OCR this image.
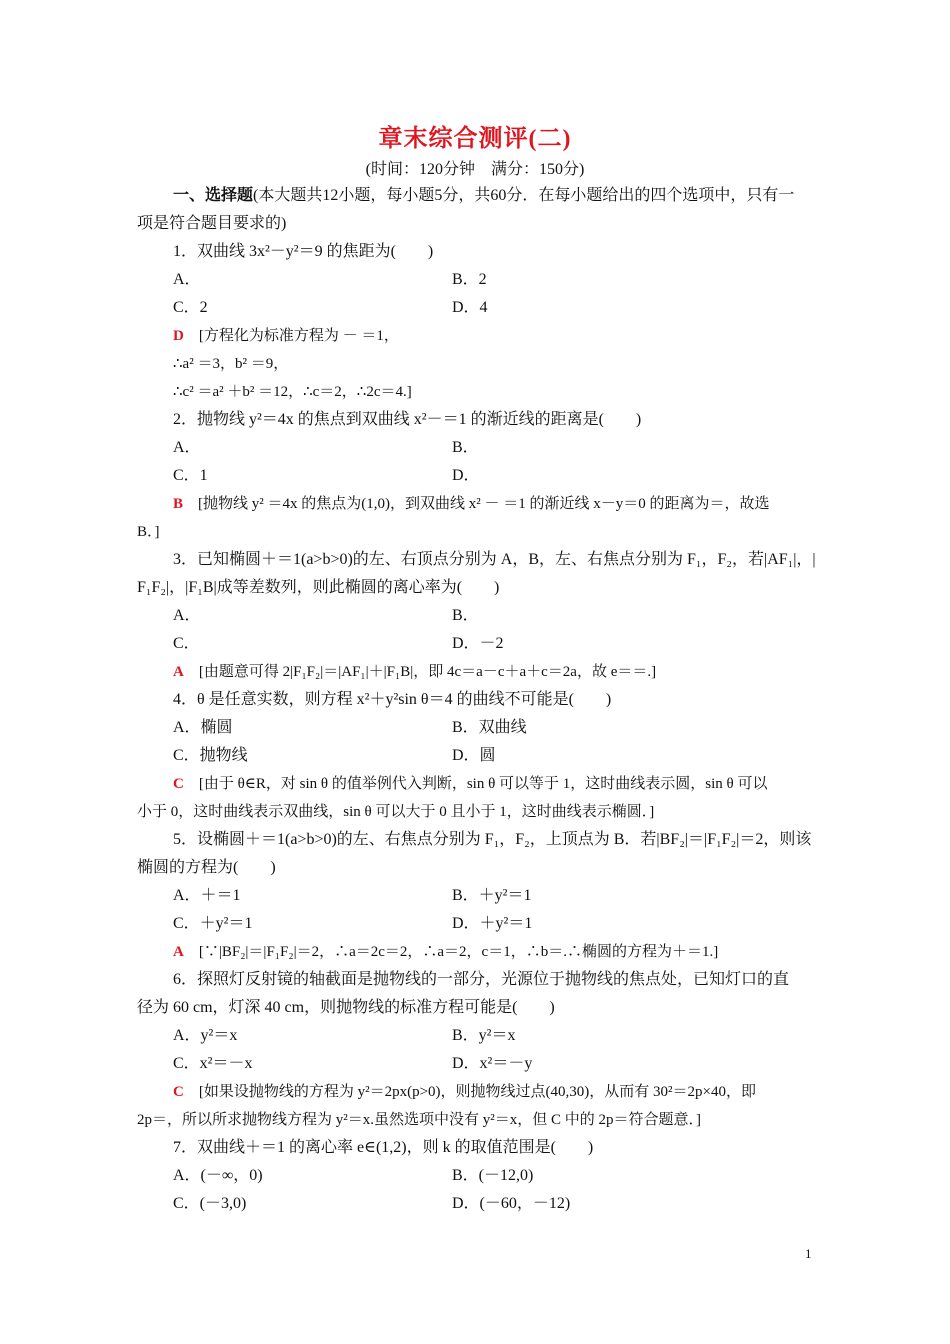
章末综合测评(二)
(时间：120分钟　满分：150分)
一、选择题(本大题共12小题，每小题5分，共60分．在每小题给出的四个选项中，只有一
项是符合题目要求的)
1．双曲线 3x²－y²＝9 的焦距为(　　)
A．	B．2
C．2	D．4
D　 [方程化为标准方程为 － ＝1，
∴a² ＝3，b² ＝9，
∴c² ＝a² ＋b² ＝12，∴c＝2，∴2c＝4.]
2．抛物线 y²＝4x 的焦点到双曲线 x²－＝1 的渐近线的距离是(　　)
A．	B．
C．1	D．
B　 [抛物线 y² ＝4x 的焦点为(1,0)，到双曲线 x² － ＝1 的渐近线 x－y＝0 的距离为＝，故选
B．]
3．已知椭圆＋＝1(a>b>0)的左、右顶点分别为 A，B，左、右焦点分别为 F₁，F₂，若|AF₁|，|
F₁F₂|，|F₁B|成等差数列，则此椭圆的离心率为(　　)
A．	B．
C．	D．－2
A　 [由题意可得 2|F₁F₂|＝|AF₁|＋|F₁B|，即 4c＝a－c＋a＋c＝2a，故 e＝＝.]
4．θ 是任意实数，则方程 x²＋y²sin θ＝4 的曲线不可能是(　　)
A．椭圆	B．双曲线
C．抛物线	D．圆
C　 [由于 θ∈R，对 sin θ 的值举例代入判断，sin θ 可以等于 1，这时曲线表示圆，sin θ 可以
小于 0，这时曲线表示双曲线，sin θ 可以大于 0 且小于 1，这时曲线表示椭圆．]
5．设椭圆＋＝1(a>b>0)的左、右焦点分别为 F₁，F₂，上顶点为 B．若|BF₂|＝|F₁F₂|＝2，则该
椭圆的方程为(　　)
A．＋＝1	B．＋y²＝1
C．＋y²＝1	D．＋y²＝1
A　 [∵|BF₂|＝|F₁F₂|＝2，∴a＝2c＝2，∴a＝2，c＝1，∴b＝.∴椭圆的方程为＋＝1.]
6．探照灯反射镜的轴截面是抛物线的一部分，光源位于抛物线的焦点处，已知灯口的直
径为 60 cm，灯深 40 cm，则抛物线的标准方程可能是(　　)
A．y²＝x	B．y²＝x
C．x²＝－x	D．x²＝－y
C　 [如果设抛物线的方程为 y²＝2px(p>0)，则抛物线过点(40,30)，从而有 30²＝2p×40，即
2p＝，所以所求抛物线方程为 y²＝x.虽然选项中没有 y²＝x，但 C 中的 2p＝符合题意．]
7．双曲线＋＝1 的离心率 e∈(1,2)，则 k 的取值范围是(　　)
A．(－∞，0)	B．(－12,0)
C．(－3,0)	D．(－60，－12)
1
